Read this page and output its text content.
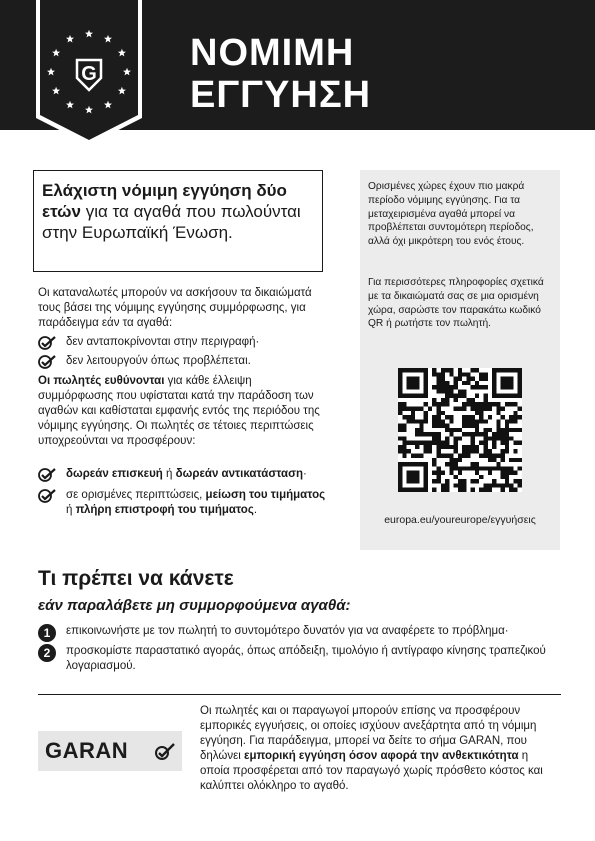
G ΝΟΜΙΜΗ
ΕΓΓΥΗΣΗ
Ελάχιστη νόμιμη εγγύηση δύο ετών για τα αγαθά που πωλούνται στην Ευρωπαϊκή Ένωση.

Οι καταναλωτές μπορούν να ασκήσουν τα δικαιώματά τους βάσει της νόμιμης εγγύησης συμμόρφωσης, για παράδειγμα εάν τα αγαθά:

δεν ανταποκρίνονται στην περιγραφή·
δεν λειτουργούν όπως προβλέπεται.

Οι πωλητές ευθύνονται για κάθε έλλειψη συμμόρφωσης που υφίσταται κατά την παράδοση των αγαθών και καθίσταται εμφανής εντός της περιόδου της νόμιμης εγγύησης. Οι πωλητές σε τέτοιες περιπτώσεις υποχρεούνται να προσφέρουν:

δωρεάν επισκευή ή δωρεάν αντικατάσταση·
σε ορισμένες περιπτώσεις, μείωση του τιμήματος ή πλήρη επιστροφή του τιμήματος.

Ορισμένες χώρες έχουν πιο μακρά περίοδο νόμιμης εγγύησης. Για τα μεταχειρισμένα αγαθά μπορεί να προβλέπεται συντομότερη περίοδος, αλλά όχι μικρότερη του ενός έτους.

Για περισσότερες πληροφορίες σχετικά με τα δικαιώματά σας σε μια ορισμένη χώρα, σαρώστε τον παρακάτω κωδικό QR ή ρωτήστε τον πωλητή.

europa.eu/youreurope/εγγυήσεις
Τι πρέπει να κάνετε
εάν παραλάβετε μη συμμορφούμενα αγαθά:
1	επικοινωνήστε με τον πωλητή το συντομότερο δυνατόν για να αναφέρετε το πρόβλημα·
2	προσκομίστε παραστατικό αγοράς, όπως απόδειξη, τιμολόγιο ή αντίγραφο κίνησης τραπεζικού λογαριασμού.
GARAN

Οι πωλητές και οι παραγωγοί μπορούν επίσης να προσφέρουν εμπορικές εγγυήσεις, οι οποίες ισχύουν ανεξάρτητα από τη νόμιμη εγγύηση. Για παράδειγμα, μπορεί να δείτε το σήμα GARAN, που δηλώνει εμπορική εγγύηση όσον αφορά την ανθεκτικότητα η οποία προσφέρεται από τον παραγωγό χωρίς πρόσθετο κόστος και καλύπτει ολόκληρο το αγαθό.
